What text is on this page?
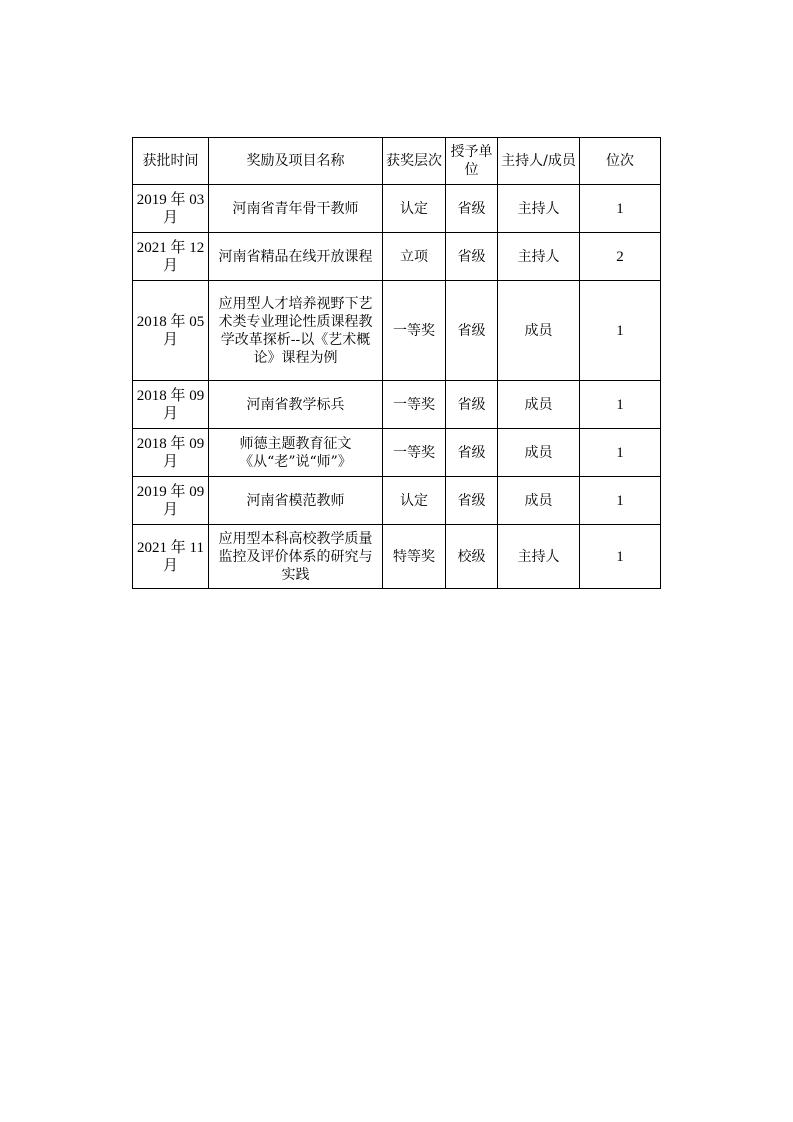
获批时间	奖励及项目名称	获奖层次	授予单位	主持人/成员	位次
2019 年 03 月	河南省青年骨干教师	认定	省级	主持人	1
2021 年 12 月	河南省精品在线开放课程	立项	省级	主持人	2
2018 年 05 月	应用型人才培养视野下艺术类专业理论性质课程教学改革探析--以《艺术概论》课程为例	一等奖	省级	成员	1
2018 年 09 月	河南省教学标兵	一等奖	省级	成员	1
2018 年 09 月	师德主题教育征文《从“老”说“师”》	一等奖	省级	成员	1
2019 年 09 月	河南省模范教师	认定	省级	成员	1
2021 年 11 月	应用型本科高校教学质量监控及评价体系的研究与实践	特等奖	校级	主持人	1
